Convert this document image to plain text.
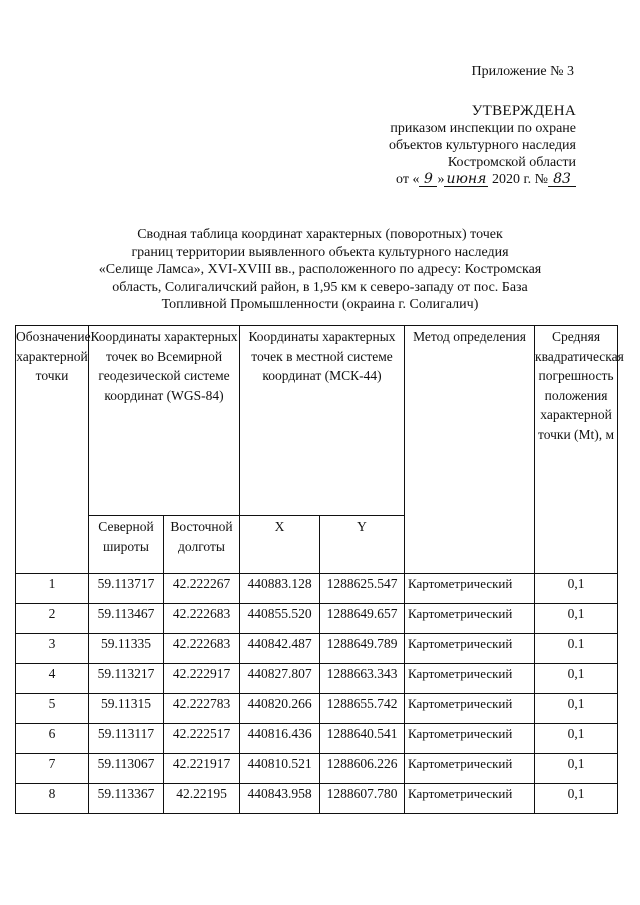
Приложение № 3
УТВЕРЖДЕНА
приказом инспекции по охране
объектов культурного наследия
Костромской области
от « 9 » июня 2020 г. № 83
Сводная таблица координат характерных (поворотных) точек
границ территории выявленного объекта культурного наследия
«Селище Ламса», XVI-XVIII вв., расположенного по адресу: Костромская
область, Солигаличский район, в 1,95 км к северо-западу от пос. База
Топливной Промышленности (окраина г. Солигалич)
Обозначение характерной точки	Координаты характерных точек во Всемирной геодезической системе координат (WGS-84)		Координаты характерных точек в местной системе координат (МСК-44)		Метод определения	Средняя квадратическая погрешность положения характерной точки (Mt), м
	Северной широты	Восточной долготы	X	Y		
1	59.113717	42.222267	440883.128	1288625.547	Картометрический	0,1
2	59.113467	42.222683	440855.520	1288649.657	Картометрический	0,1
3	59.11335	42.222683	440842.487	1288649.789	Картометрический	0.1
4	59.113217	42.222917	440827.807	1288663.343	Картометрический	0,1
5	59.11315	42.222783	440820.266	1288655.742	Картометрический	0,1
6	59.113117	42.222517	440816.436	1288640.541	Картометрический	0,1
7	59.113067	42.221917	440810.521	1288606.226	Картометрический	0,1
8	59.113367	42.22195	440843.958	1288607.780	Картометрический	0,1
